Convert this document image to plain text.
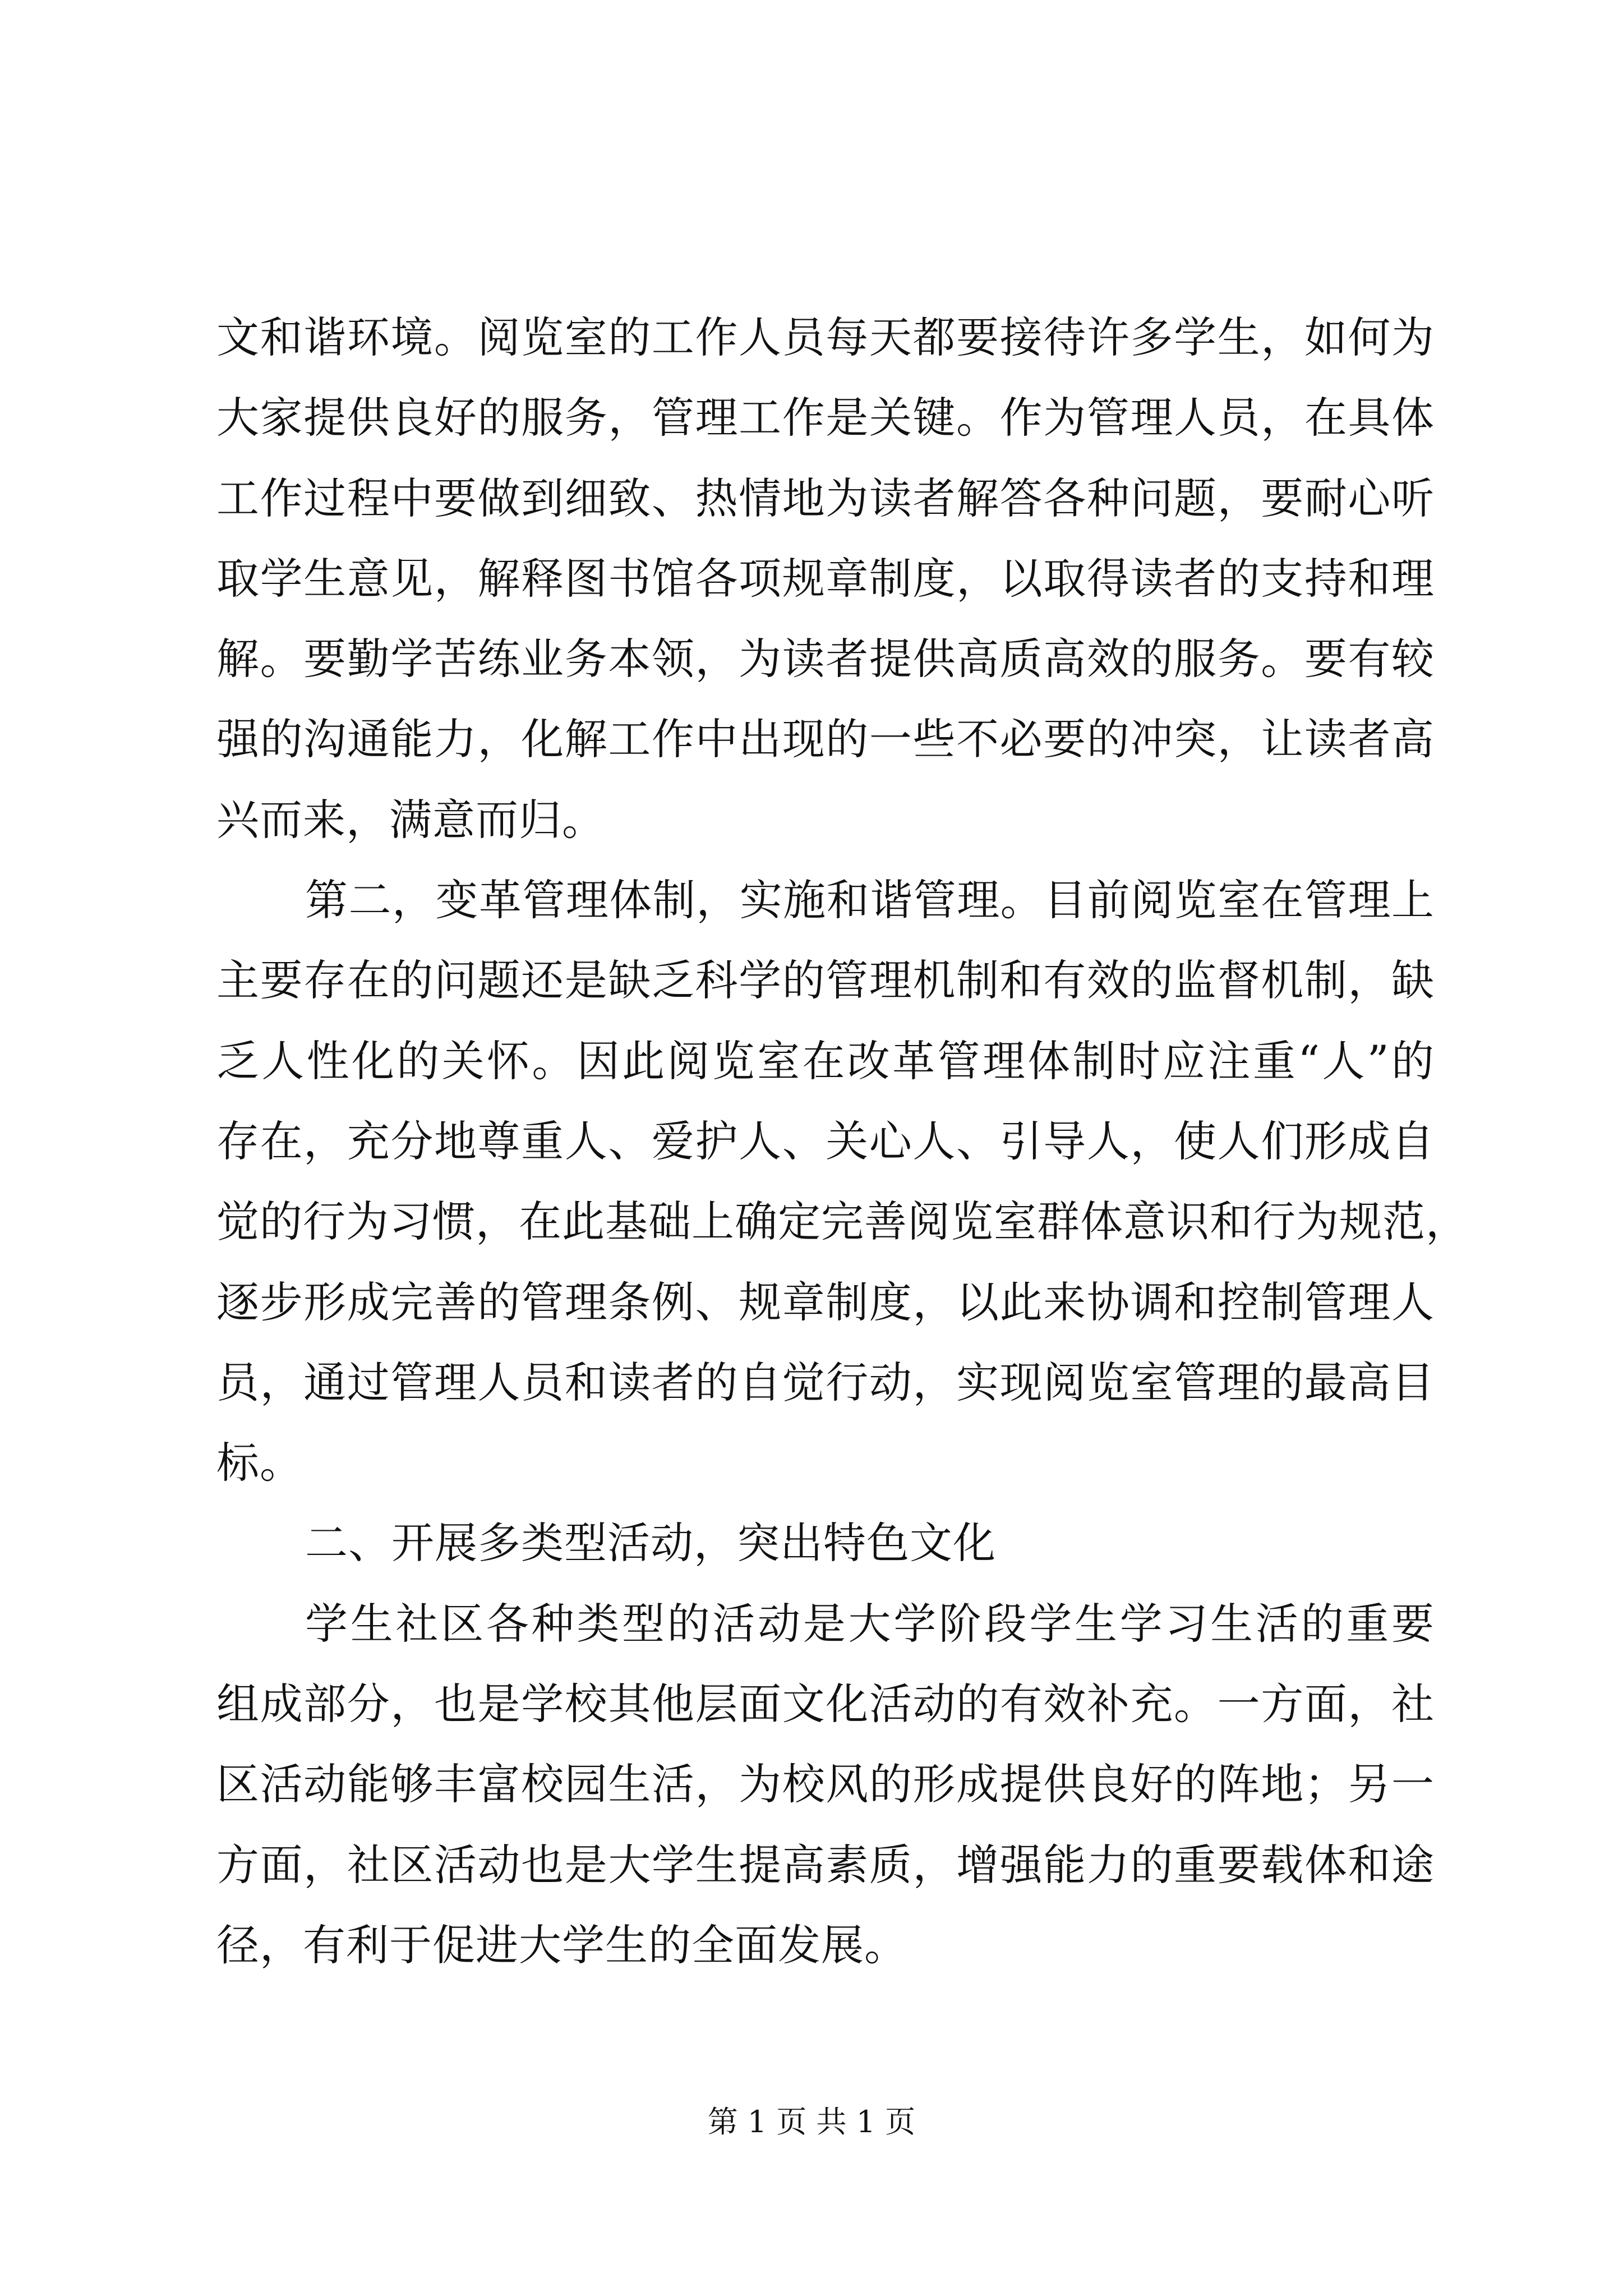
文和谐环境。阅览室的工作人员每天都要接待许多学生，如何为
大家提供良好的服务，管理工作是关键。作为管理人员，在具体
工作过程中要做到细致、热情地为读者解答各种问题，要耐心听
取学生意见，解释图书馆各项规章制度，以取得读者的支持和理
解。要勤学苦练业务本领，为读者提供高质高效的服务。要有较
强的沟通能力，化解工作中出现的一些不必要的冲突，让读者高
兴而来，满意而归。
第二，变革管理体制，实施和谐管理。目前阅览室在管理上
主要存在的问题还是缺乏科学的管理机制和有效的监督机制，缺
乏人性化的关怀。因此阅览室在改革管理体制时应注重“人”的
存在，充分地尊重人、爱护人、关心人、引导人，使人们形成自
觉的行为习惯，在此基础上确定完善阅览室群体意识和行为规范，
逐步形成完善的管理条例、规章制度，以此来协调和控制管理人
员，通过管理人员和读者的自觉行动，实现阅览室管理的最高目
标。
二、开展多类型活动，突出特色文化
学生社区各种类型的活动是大学阶段学生学习生活的重要
组成部分，也是学校其他层面文化活动的有效补充。一方面，社
区活动能够丰富校园生活，为校风的形成提供良好的阵地；另一
方面，社区活动也是大学生提高素质，增强能力的重要载体和途
径，有利于促进大学生的全面发展。
第 1 页 共 1 页
